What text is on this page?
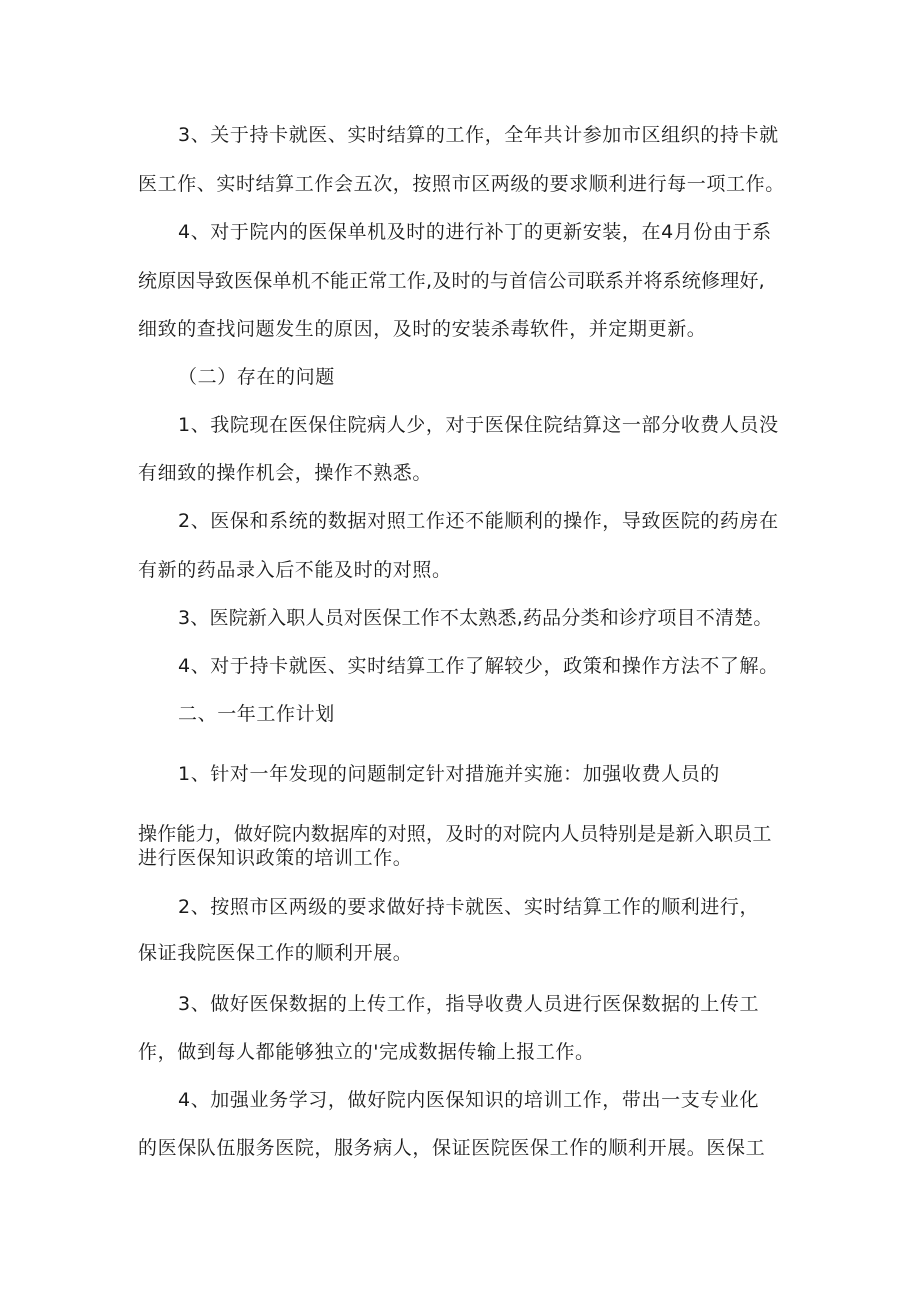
3、关于持卡就医、实时结算的工作，全年共计参加市区组织的持卡就

医工作、实时结算工作会五次，按照市区两级的要求顺利进行每一项工作。

4、对于院内的医保单机及时的进行补丁的更新安装，在4月份由于系

统原因导致医保单机不能正常工作,及时的与首信公司联系并将系统修理好,

细致的查找问题发生的原因，及时的安装杀毒软件，并定期更新。

（二）存在的问题

1、我院现在医保住院病人少，对于医保住院结算这一部分收费人员没

有细致的操作机会，操作不熟悉。

2、医保和系统的数据对照工作还不能顺利的操作，导致医院的药房在

有新的药品录入后不能及时的对照。

3、医院新入职人员对医保工作不太熟悉,药品分类和诊疗项目不清楚。

4、对于持卡就医、实时结算工作了解较少，政策和操作方法不了解。

二、一年工作计划

1、针对一年发现的问题制定针对措施并实施：加强收费人员的

操作能力，做好院内数据库的对照，及时的对院内人员特别是是新入职员工

进行医保知识政策的培训工作。

2、按照市区两级的要求做好持卡就医、实时结算工作的顺利进行，

保证我院医保工作的顺利开展。

3、做好医保数据的上传工作，指导收费人员进行医保数据的上传工

作，做到每人都能够独立的'完成数据传输上报工作。

4、加强业务学习，做好院内医保知识的培训工作，带出一支专业化

的医保队伍服务医院，服务病人，保证医院医保工作的顺利开展。医保工
